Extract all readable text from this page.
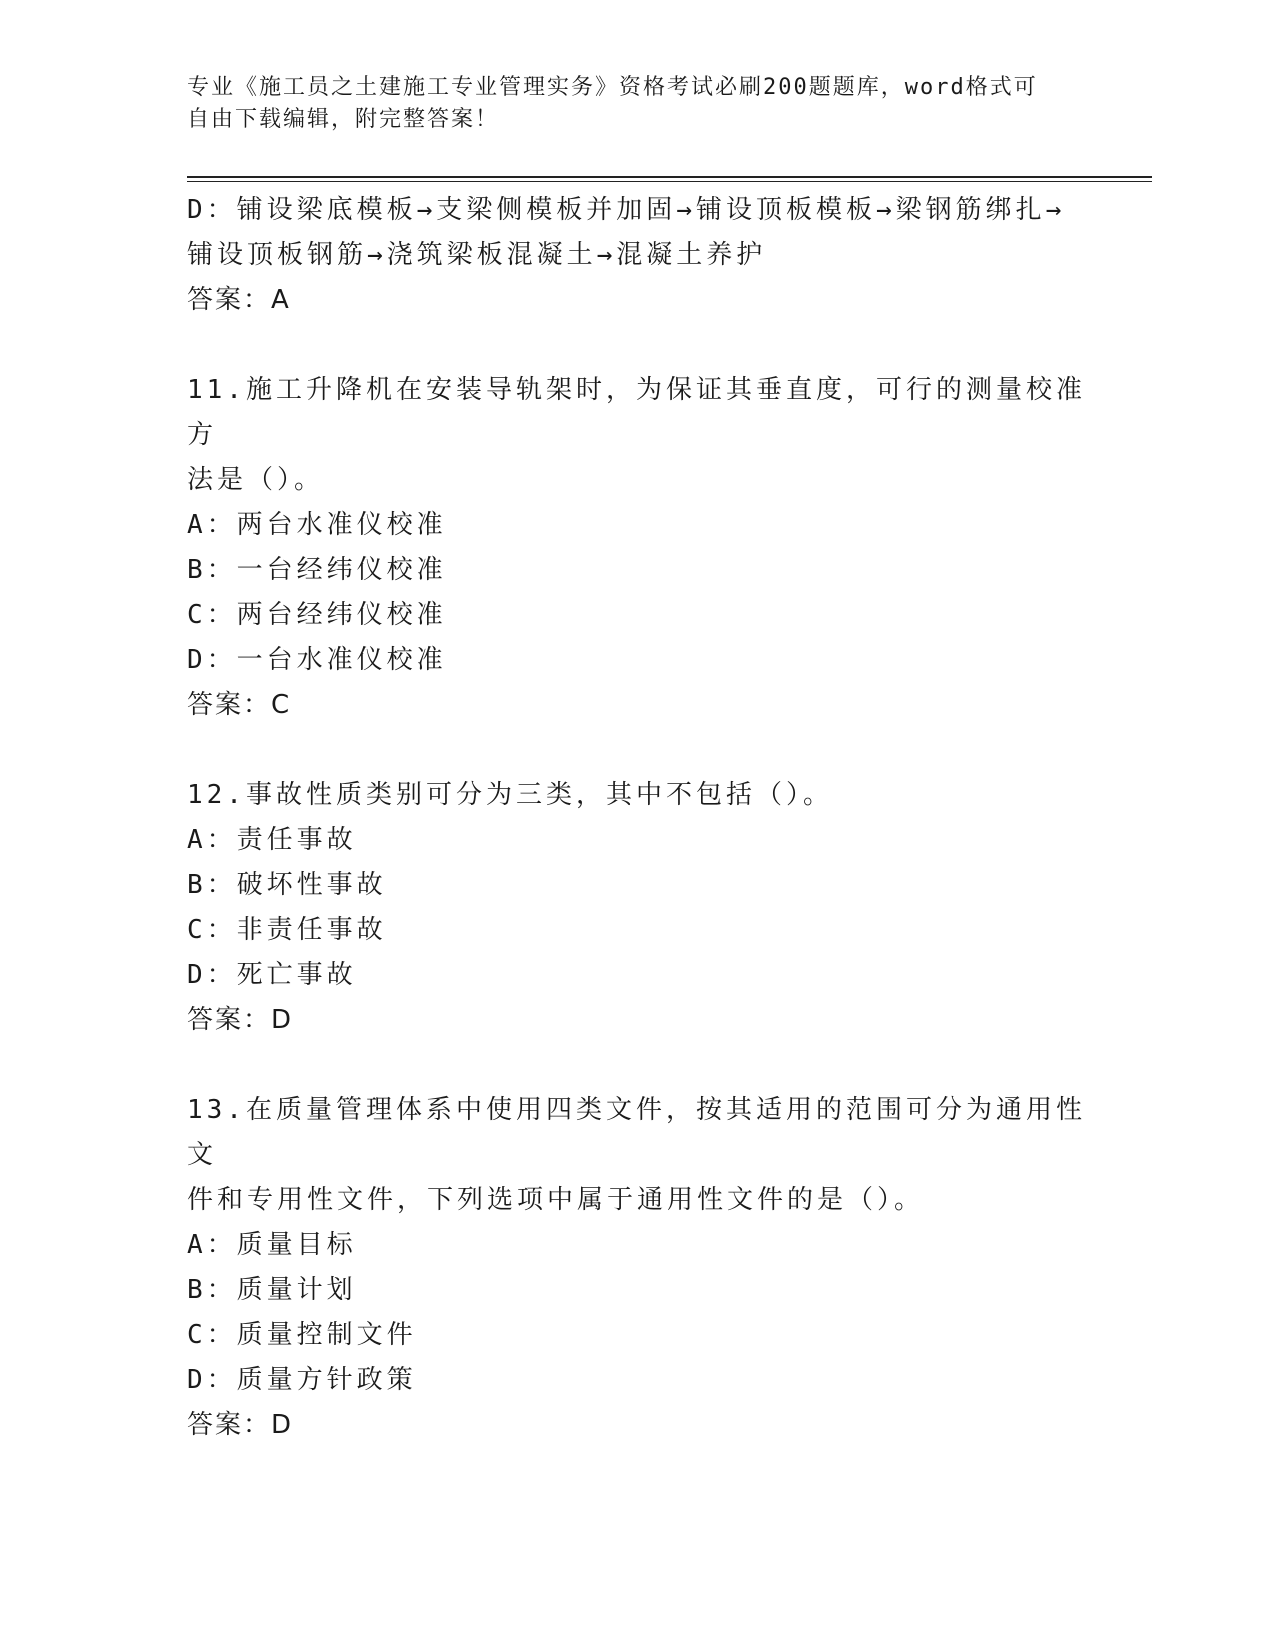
专业《施工员之土建施工专业管理实务》资格考试必刷200题题库，word格式可
自由下载编辑，附完整答案！
D：铺设梁底模板→支梁侧模板并加固→铺设顶板模板→梁钢筋绑扎→
铺设顶板钢筋→浇筑梁板混凝土→混凝土养护
答案：A
11.施工升降机在安装导轨架时，为保证其垂直度，可行的测量校准方
法是（）。
A：两台水准仪校准
B：一台经纬仪校准
C：两台经纬仪校准
D：一台水准仪校准
答案：C
12.事故性质类别可分为三类，其中不包括（）。
A：责任事故
B：破坏性事故
C：非责任事故
D：死亡事故
答案：D
13.在质量管理体系中使用四类文件，按其适用的范围可分为通用性文
件和专用性文件，下列选项中属于通用性文件的是（）。
A：质量目标
B：质量计划
C：质量控制文件
D：质量方针政策
答案：D
